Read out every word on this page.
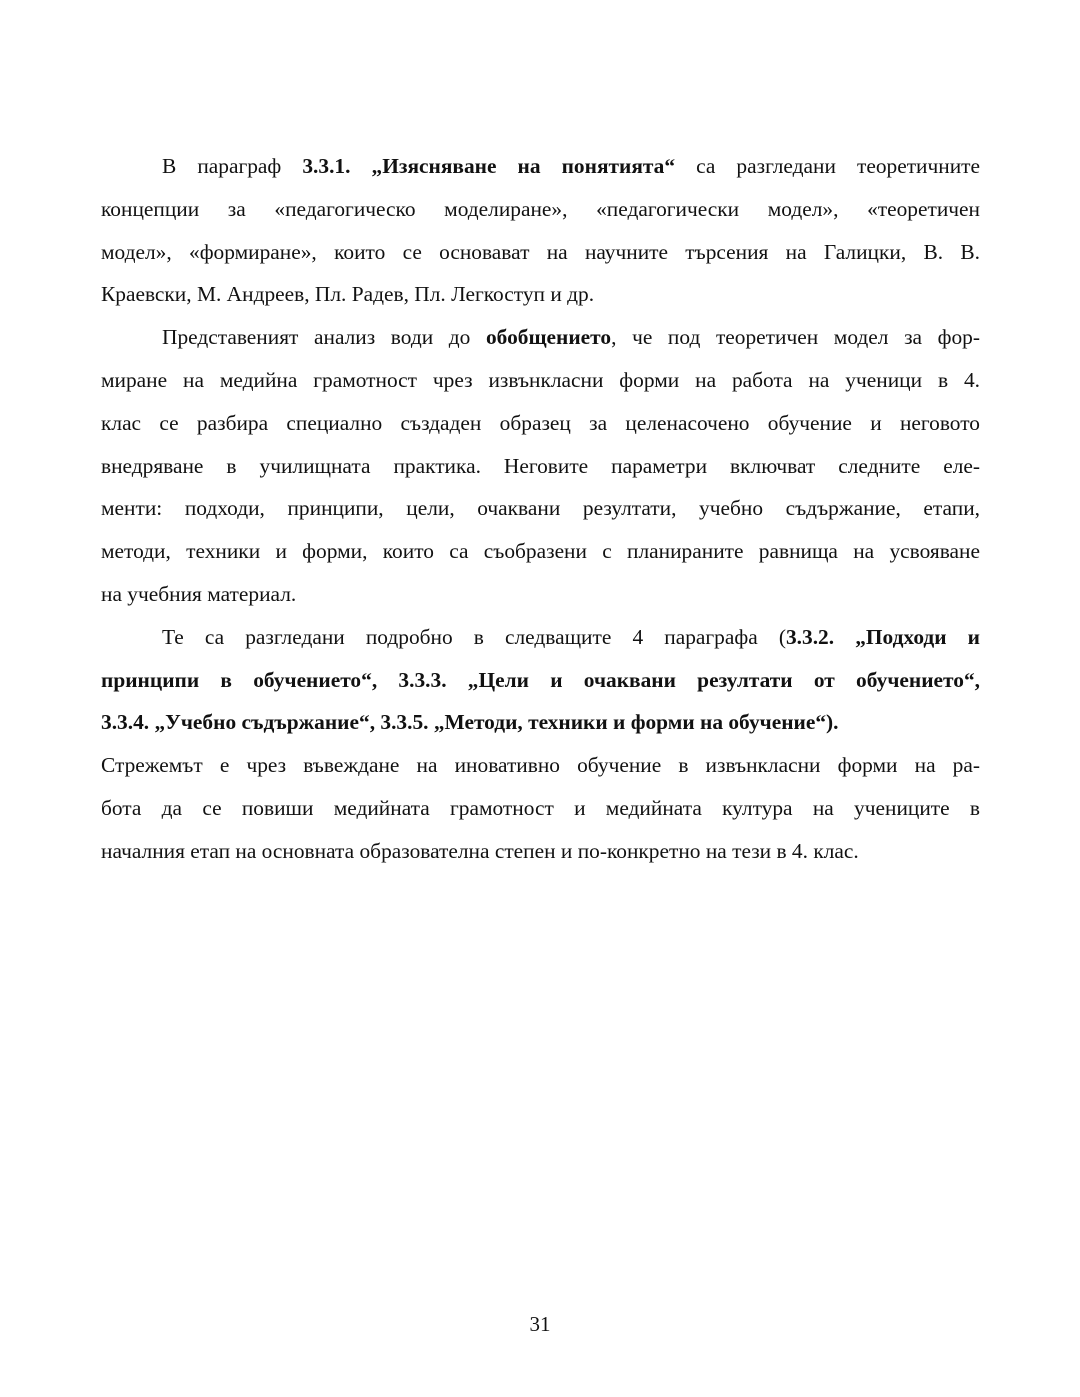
В параграф 3.3.1. „Изясняване на понятията“ са разгледани теоретичните
концепции за «педагогическо моделиране», «педагогически модел», «теоретичен
модел», «формиране», които се основават на научните търсения на Галицки, В. В.
Краевски, М. Андреев, Пл. Радев, Пл. Легкоступ и др.
Представеният анализ води до обобщението, че под теоретичен модел за фор-
миране на медийна грамотност чрез извънкласни форми на работа на ученици в 4.
клас се разбира специално създаден образец за целенасочено обучение и неговото
внедряване в училищната практика. Неговите параметри включват следните еле-
менти: подходи, принципи, цели, очаквани резултати, учебно съдържание, етапи,
методи, техники и форми, които са съобразени с планираните равнища на усвояване
на учебния материал.
Те са разгледани подробно в следващите 4 параграфа (3.3.2. „Подходи и
принципи в обучението“, 3.3.3. „Цели и очаквани резултати от обучението“,
3.3.4. „Учебно съдържание“, 3.3.5. „Методи, техники и форми на обучение“).
Стрежемът е чрез въвеждане на иновативно обучение в извънкласни форми на ра-
бота да се повиши медийната грамотност и медийната култура на учениците в
началния етап на основната образователна степен и по-конкретно на тези в 4. клас.
31
